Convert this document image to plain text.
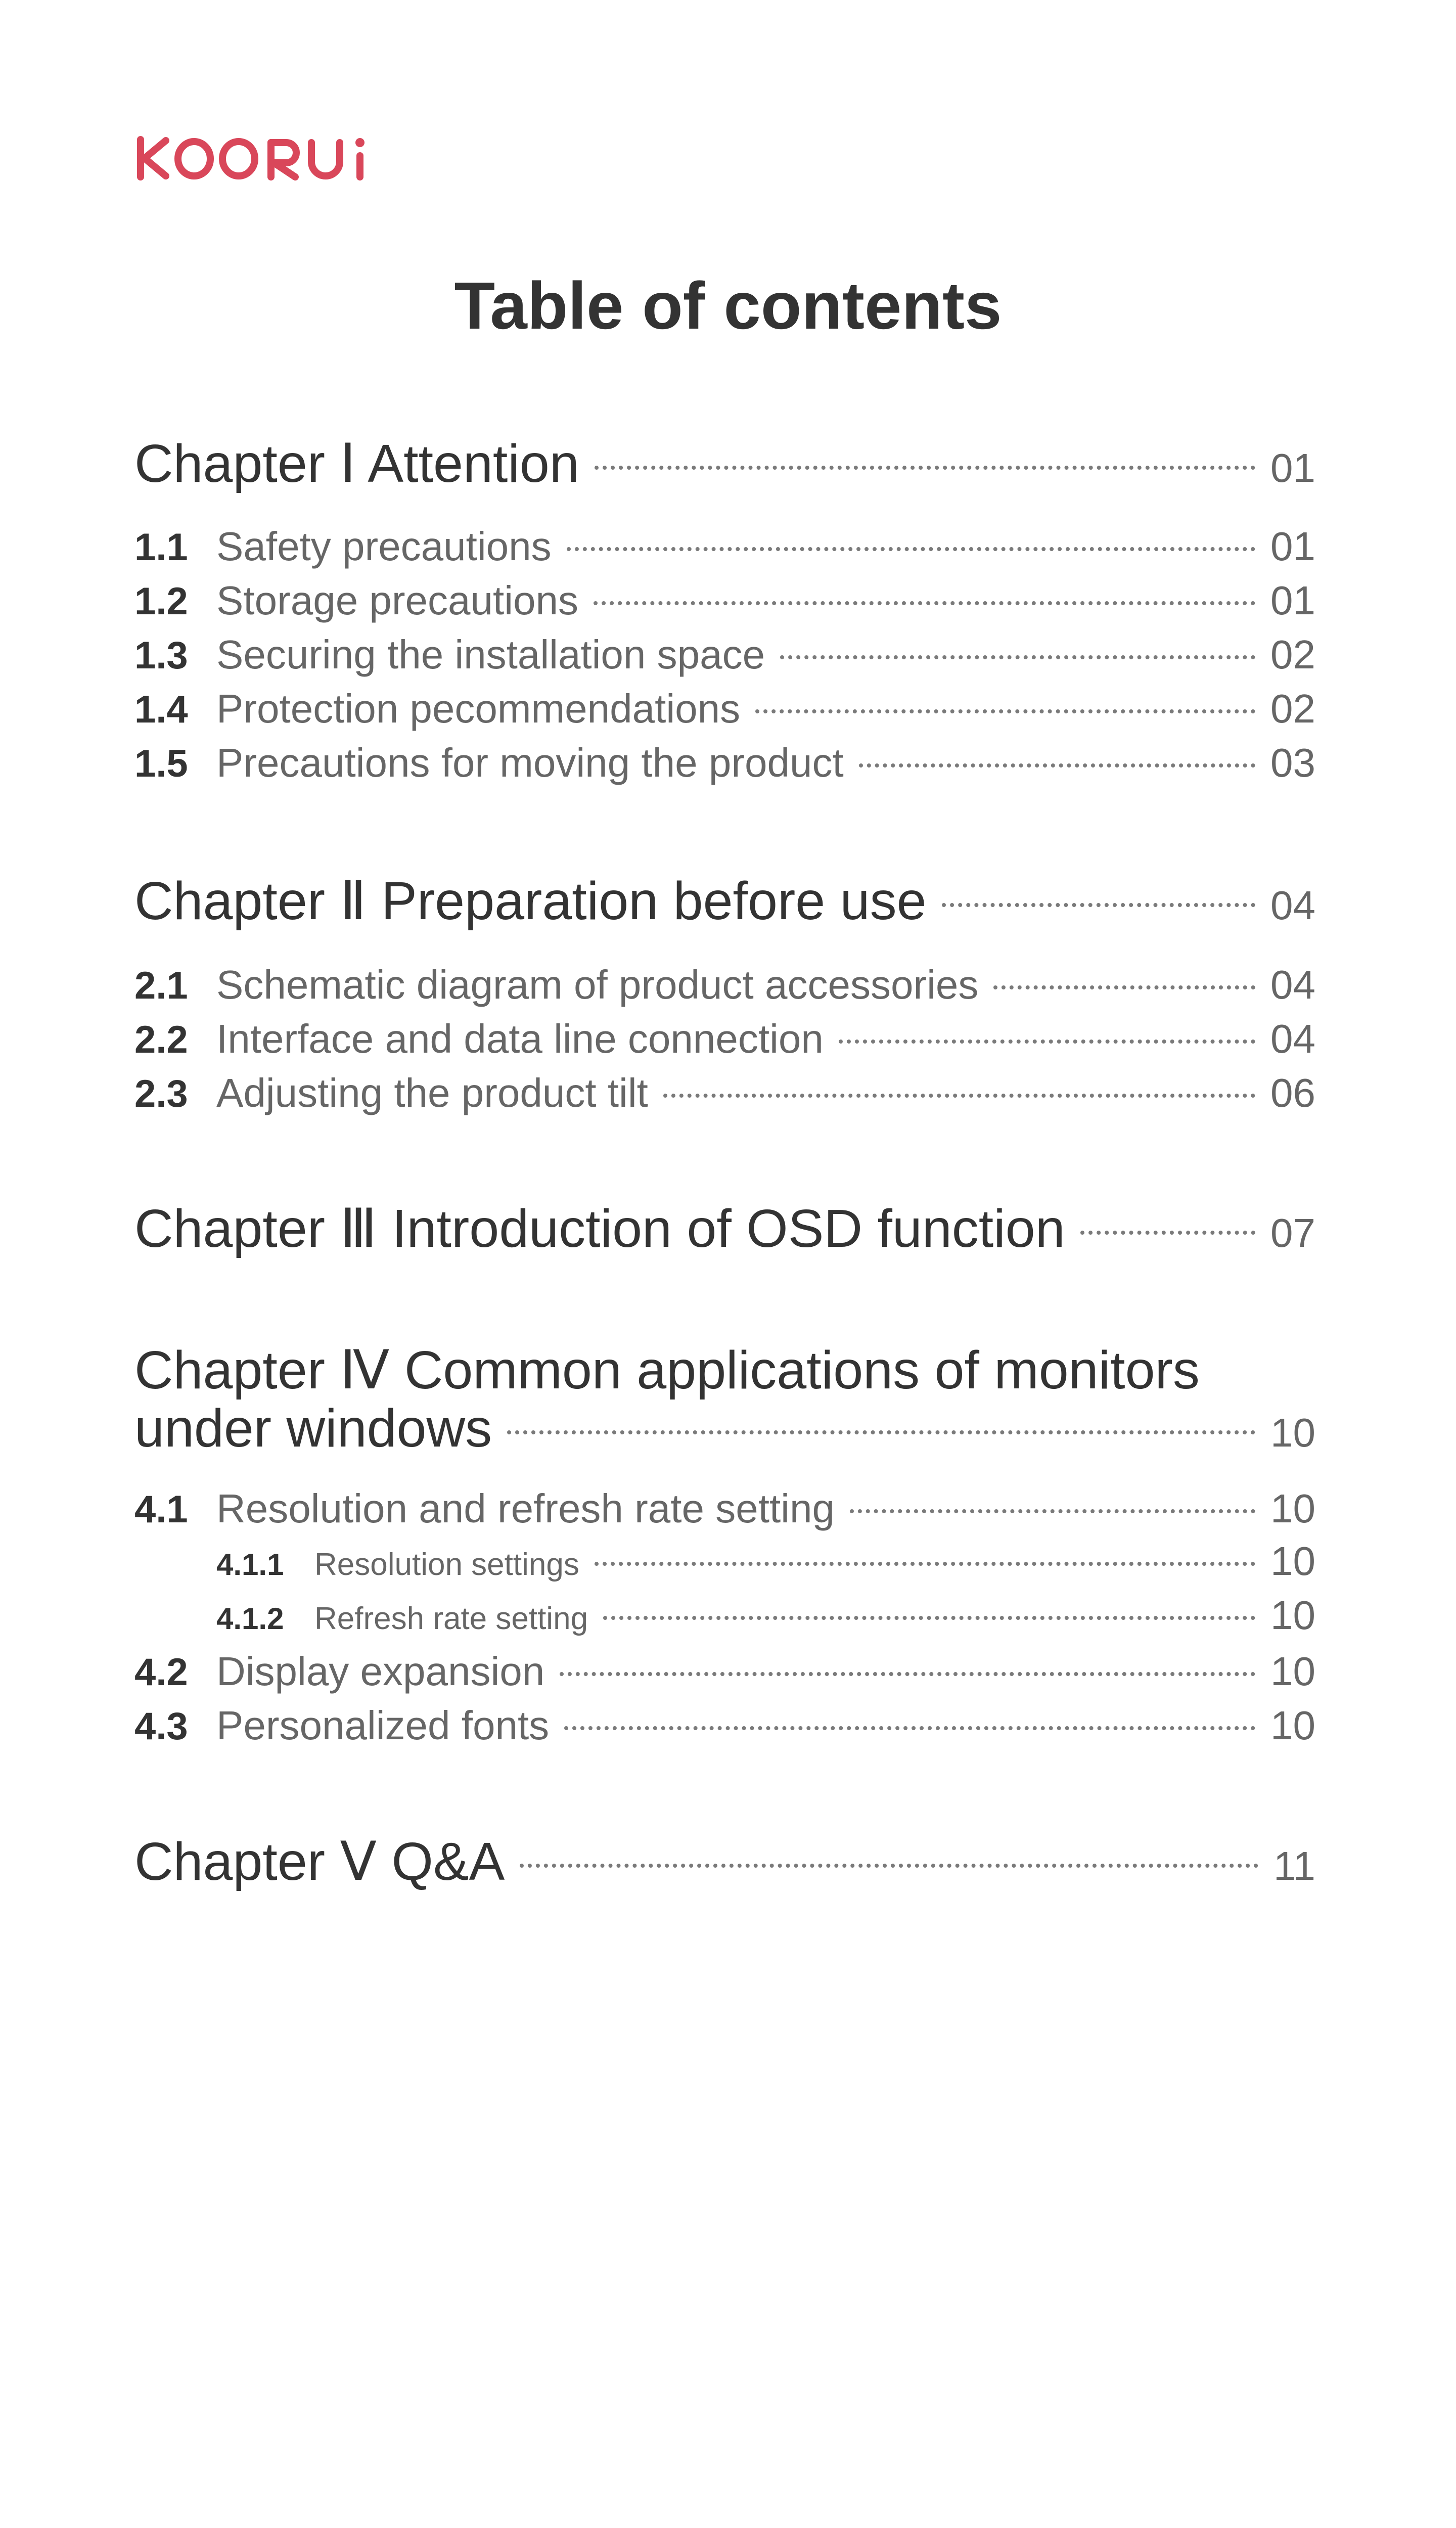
Table of contents
Chapter Ⅰ Attention	01
1.1 Safety precautions	01
1.2 Storage precautions	01
1.3 Securing the installation space	02
1.4 Protection pecommendations	02
1.5 Precautions for moving the product	03
Chapter Ⅱ Preparation before use	04
2.1 Schematic diagram of product accessories	04
2.2 Interface and data line connection	04
2.3 Adjusting the product tilt	06
Chapter Ⅲ Introduction of OSD function	07
Chapter Ⅳ Common applications of monitors
under windows	10
4.1 Resolution and refresh rate setting	10
4.1.1 Resolution settings	10
4.1.2 Refresh rate setting	10
4.2 Display expansion	10
4.3 Personalized fonts	10
Chapter Ⅴ Q&A	11
